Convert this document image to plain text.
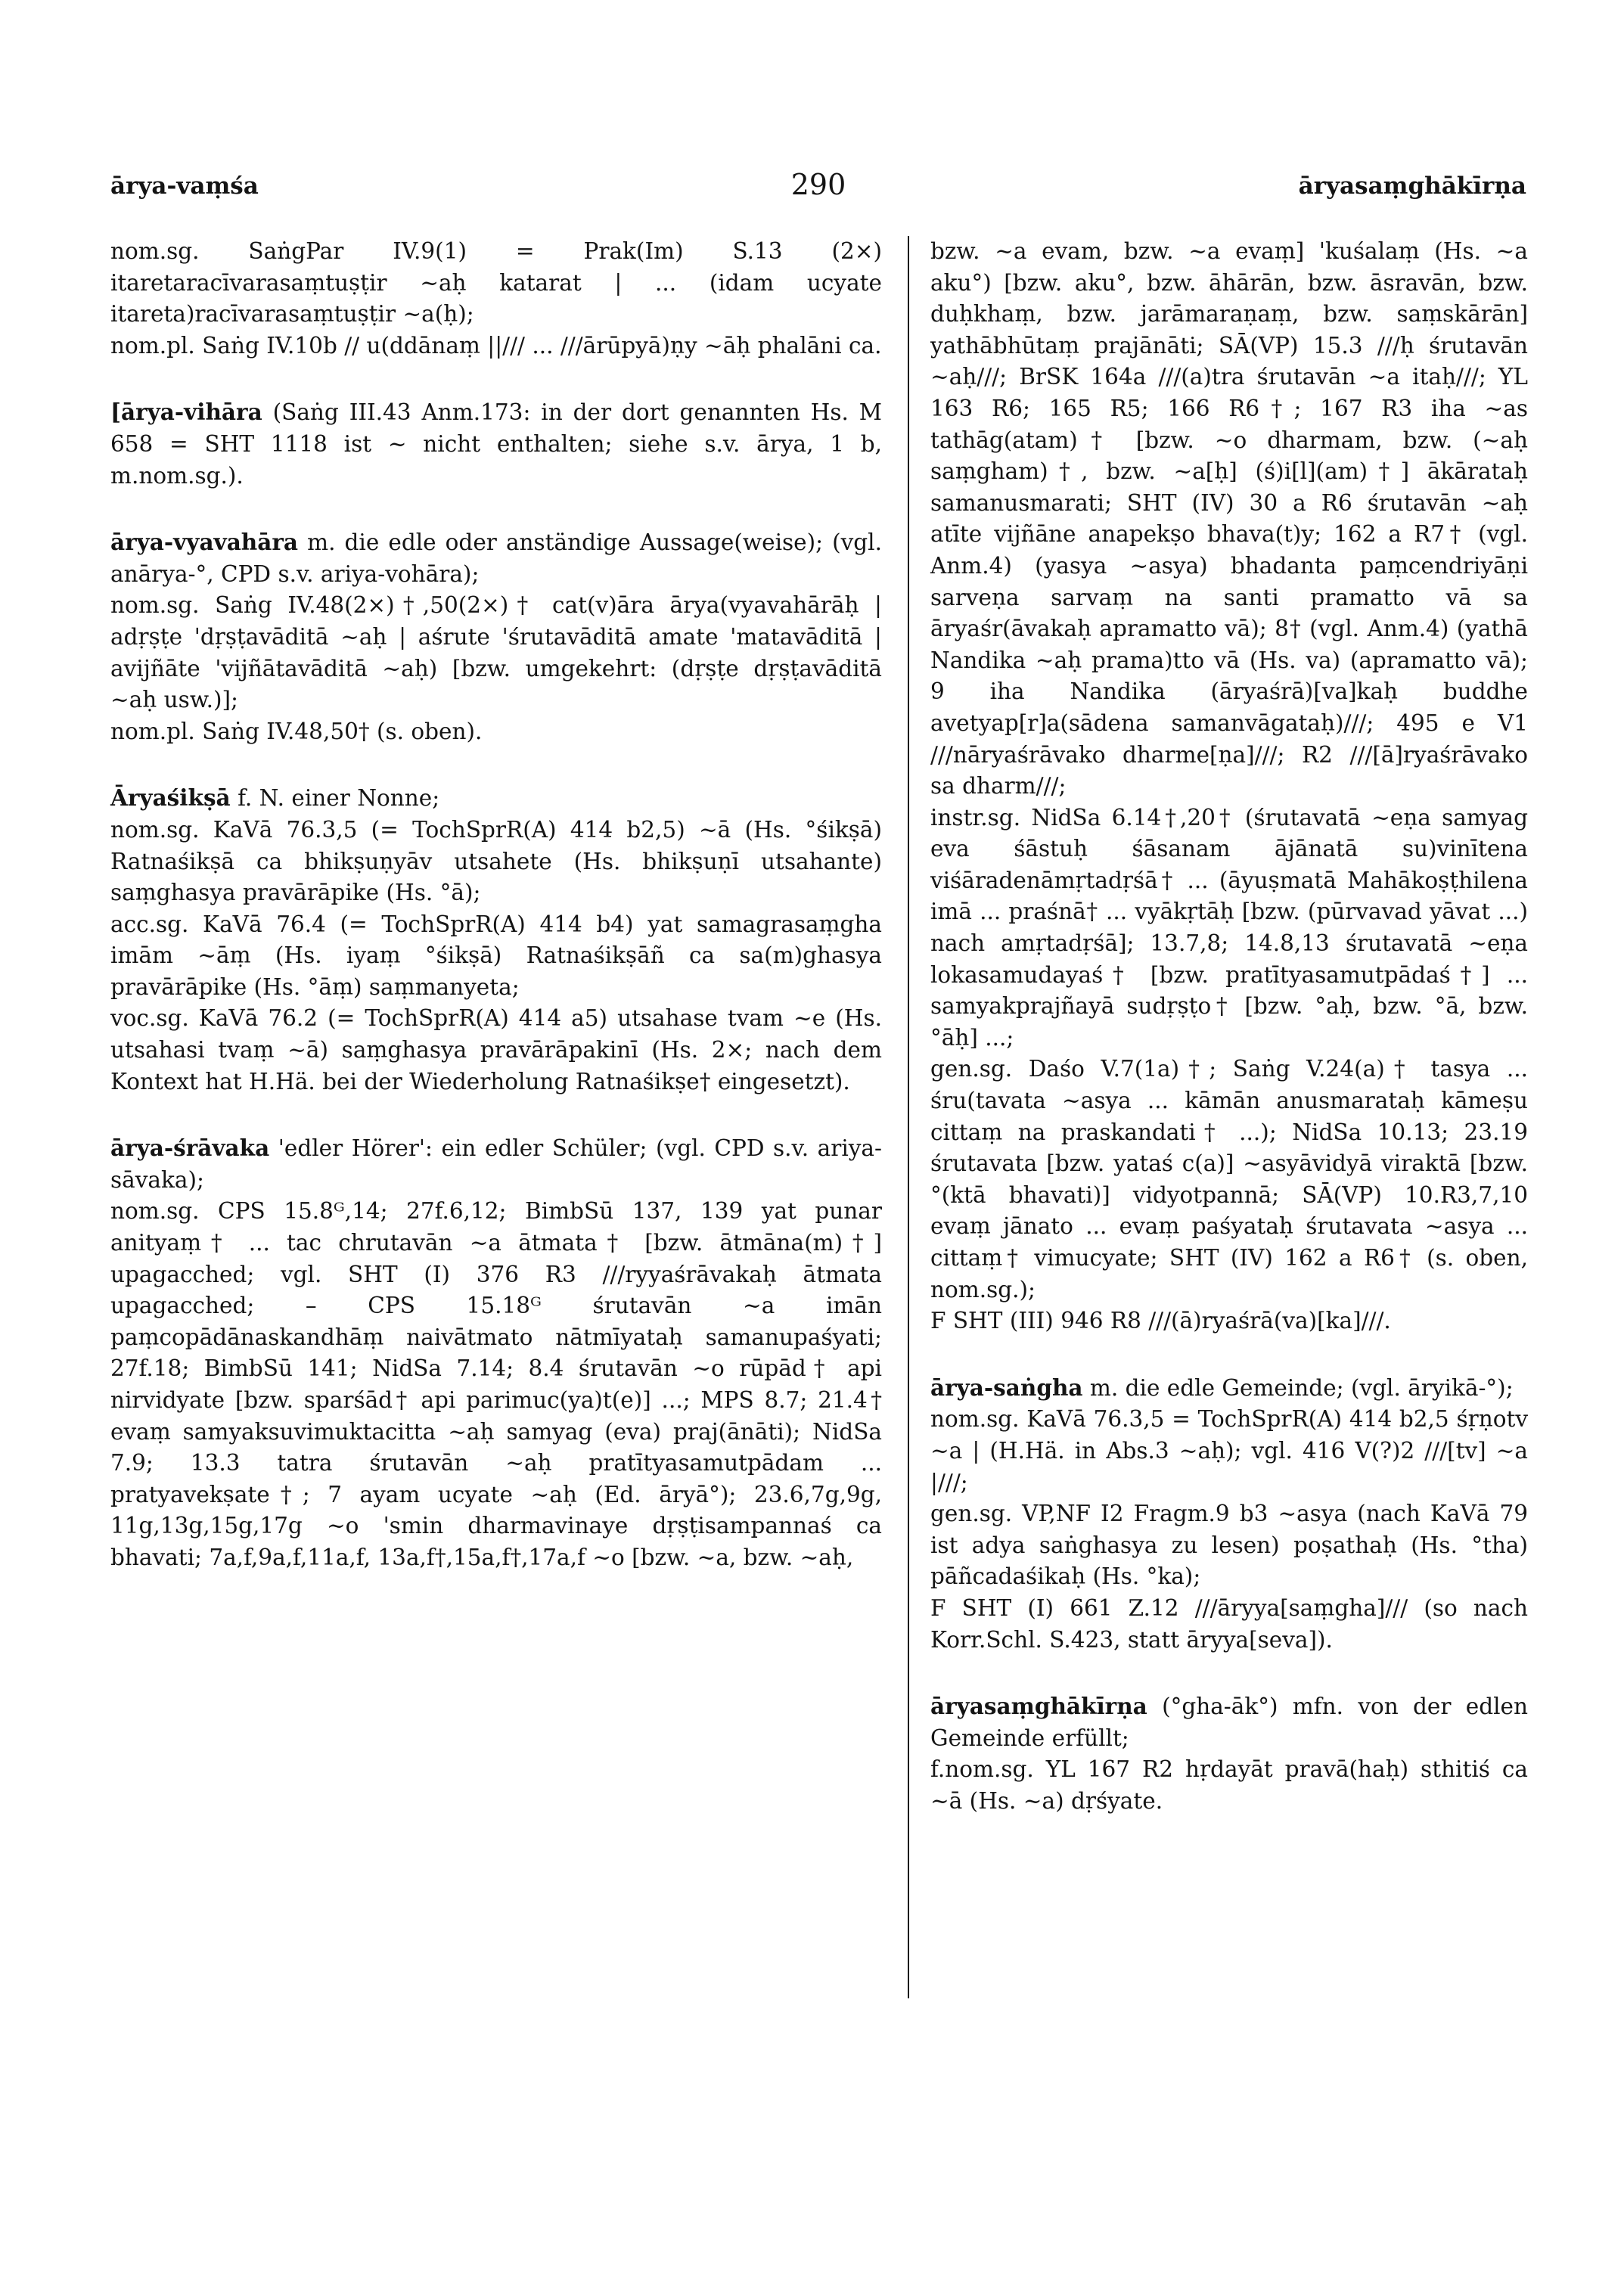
ārya-vaṃśa	290	āryasaṃghākīrṇa

nom.sg. SaṅgPar IV.9(1) = Prak(Im) S.13 (2×) itaretaracīvarasaṃtuṣṭir ~aḥ katarat | ... (idam ucyate itareta)racīvarasaṃtuṣṭir ~a(ḥ);

nom.pl. Saṅg IV.10b // u(ddānaṃ ||/// ... ///ārūpyā)ṇy ~āḥ phalāni ca.

[ārya-vihāra (Saṅg III.43 Anm.173: in der dort genannten Hs. M 658 = SHT 1118 ist ~ nicht enthalten; siehe s.v. ārya, 1 b, m.nom.sg.).

ārya-vyavahāra m. die edle oder anständige Aussage(weise); (vgl. anārya-°, CPD s.v. ariya-vohāra);

nom.sg. Saṅg IV.48(2×)†,50(2×)† cat(v)āra ārya(vyavahārāḥ | adṛṣṭe 'dṛṣṭavāditā ~aḥ | aśrute 'śrutavāditā amate 'matavāditā | avijñāte 'vijñātavāditā ~aḥ) [bzw. umgekehrt: (dṛṣṭe dṛṣṭavāditā ~aḥ usw.)];

nom.pl. Saṅg IV.48,50† (s. oben).

Āryaśikṣā f. N. einer Nonne;

nom.sg. KaVā 76.3,5 (= TochSprR(A) 414 b2,5) ~ā (Hs. °śikṣā) Ratnaśikṣā ca bhikṣuṇyāv utsahete (Hs. bhikṣuṇī utsahante) saṃghasya pravārāpike (Hs. °ā);

acc.sg. KaVā 76.4 (= TochSprR(A) 414 b4) yat samagrasaṃgha imām ~āṃ (Hs. iyaṃ °śikṣā) Ratnaśikṣāñ ca sa(m)ghasya pravārāpike (Hs. °āṃ) saṃmanyeta;

voc.sg. KaVā 76.2 (= TochSprR(A) 414 a5) utsahase tvam ~e (Hs. utsahasi tvaṃ ~ā) saṃghasya pravārāpakinī (Hs. 2×; nach dem Kontext hat H.Hä. bei der Wiederholung Ratnaśikṣe† eingesetzt).

ārya-śrāvaka 'edler Hörer': ein edler Schüler; (vgl. CPD s.v. ariya-sāvaka);

nom.sg. CPS 15.8ᴳ,14; 27f.6,12; BimbSū 137, 139 yat punar anityaṃ† ... tac chrutavān ~a ātmata† [bzw. ātmāna(m)†] upagacched; vgl. SHT (I) 376 R3 ///ryyaśrāvakaḥ ātmata upagacched; – CPS 15.18ᴳ śrutavān ~a imān paṃcopādānaskandhāṃ naivātmato nātmīyataḥ samanupaśyati; 27f.18; BimbSū 141; NidSa 7.14; 8.4 śrutavān ~o rūpād† api nirvidyate [bzw. sparśād† api parimuc(ya)t(e)] ...; MPS 8.7; 21.4† evaṃ samyaksuvimuktacitta ~aḥ samyag (eva) praj(ānāti); NidSa 7.9; 13.3 tatra śrutavān ~aḥ pratītyasamutpādam ... pratyavekṣate†; 7 ayam ucyate ~aḥ (Ed. āryā°); 23.6,7g,9g, 11g,13g,15g,17g ~o 'smin dharmavinaye dṛṣṭisampannaś ca bhavati; 7a,f,9a,f,11a,f, 13a,f†,15a,f†,17a,f ~o [bzw. ~a, bzw. ~aḥ,

bzw. ~a evam, bzw. ~a evaṃ] 'kuśalaṃ (Hs. ~a aku°) [bzw. aku°, bzw. āhārān, bzw. āsravān, bzw. duḥkhaṃ, bzw. jarāmaraṇaṃ, bzw. saṃskārān] yathābhūtaṃ prajānāti; SĀ(VP) 15.3 ///ḥ śrutavān ~aḥ///; BrSK 164a ///(a)tra śrutavān ~a itaḥ///; YL 163 R6; 165 R5; 166 R6†; 167 R3 iha ~as tathāg(atam)† [bzw. ~o dharmam, bzw. (~aḥ saṃgham)†, bzw. ~a[ḥ] (ś)i[l](am)†] ākārataḥ samanusmarati; SHT (IV) 30 a R6 śrutavān ~aḥ atīte vijñāne anapekṣo bhava(t)y; 162 a R7† (vgl. Anm.4) (yasya ~asya) bhadanta paṃcendriyāṇi sarveṇa sarvaṃ na santi pramatto vā sa āryaśr(āvakaḥ apramatto vā); 8† (vgl. Anm.4) (yathā Nandika ~aḥ prama)tto vā (Hs. va) (apramatto vā); 9 iha Nandika (āryaśrā)[va]kaḥ buddhe avetyap[r]a(sādena samanvāgataḥ)///; 495 e V1 ///nāryaśrāvako dharme[ṇa]///; R2 ///[ā]ryaśrāvako sa dharm///;

instr.sg. NidSa 6.14†,20† (śrutavatā ~eṇa samyag eva śāstuḥ śāsanam ājānatā su)vinītena viśāradenāmṛtadṛśā† ... (āyuṣmatā Mahākoṣṭhilena imā ... praśnā† ... vyākṛtāḥ [bzw. (pūrvavad yāvat ...) nach amṛtadṛśā]; 13.7,8; 14.8,13 śrutavatā ~eṇa lokasamudayaś† [bzw. pratītyasamutpādaś†] ... samyakprajñayā sudṛṣṭo† [bzw. °aḥ, bzw. °ā, bzw. °āḥ] ...;

gen.sg. Daśo V.7(1a)†; Saṅg V.24(a)† tasya ... śru(tavata ~asya ... kāmān anusmarataḥ kāmeṣu cittaṃ na praskandati† ...); NidSa 10.13; 23.19 śrutavata [bzw. yataś c(a)] ~asyāvidyā viraktā [bzw. °(ktā bhavati)] vidyotpannā; SĀ(VP) 10.R3,7,10 evaṃ jānato ... evaṃ paśyataḥ śrutavata ~asya ... cittaṃ† vimucyate; SHT (IV) 162 a R6† (s. oben, nom.sg.);

F SHT (III) 946 R8 ///(ā)ryaśrā(va)[ka]///.

ārya-saṅgha m. die edle Gemeinde; (vgl. āryikā-°);

nom.sg. KaVā 76.3,5 = TochSprR(A) 414 b2,5 śṛṇotv ~a | (H.Hä. in Abs.3 ~aḥ); vgl. 416 V(?)2 ///[tv] ~a |///;

gen.sg. VP,NF I2 Fragm.9 b3 ~asya (nach KaVā 79 ist adya saṅghasya zu lesen) poṣathaḥ (Hs. °tha) pāñcadaśikaḥ (Hs. °ka);

F SHT (I) 661 Z.12 ///āryya[saṃgha]/// (so nach Korr.Schl. S.423, statt āryya[seva]).

āryasaṃghākīrṇa (°gha-āk°) mfn. von der edlen Gemeinde erfüllt;

f.nom.sg. YL 167 R2 hṛdayāt pravā(haḥ) sthitiś ca ~ā (Hs. ~a) dṛśyate.
